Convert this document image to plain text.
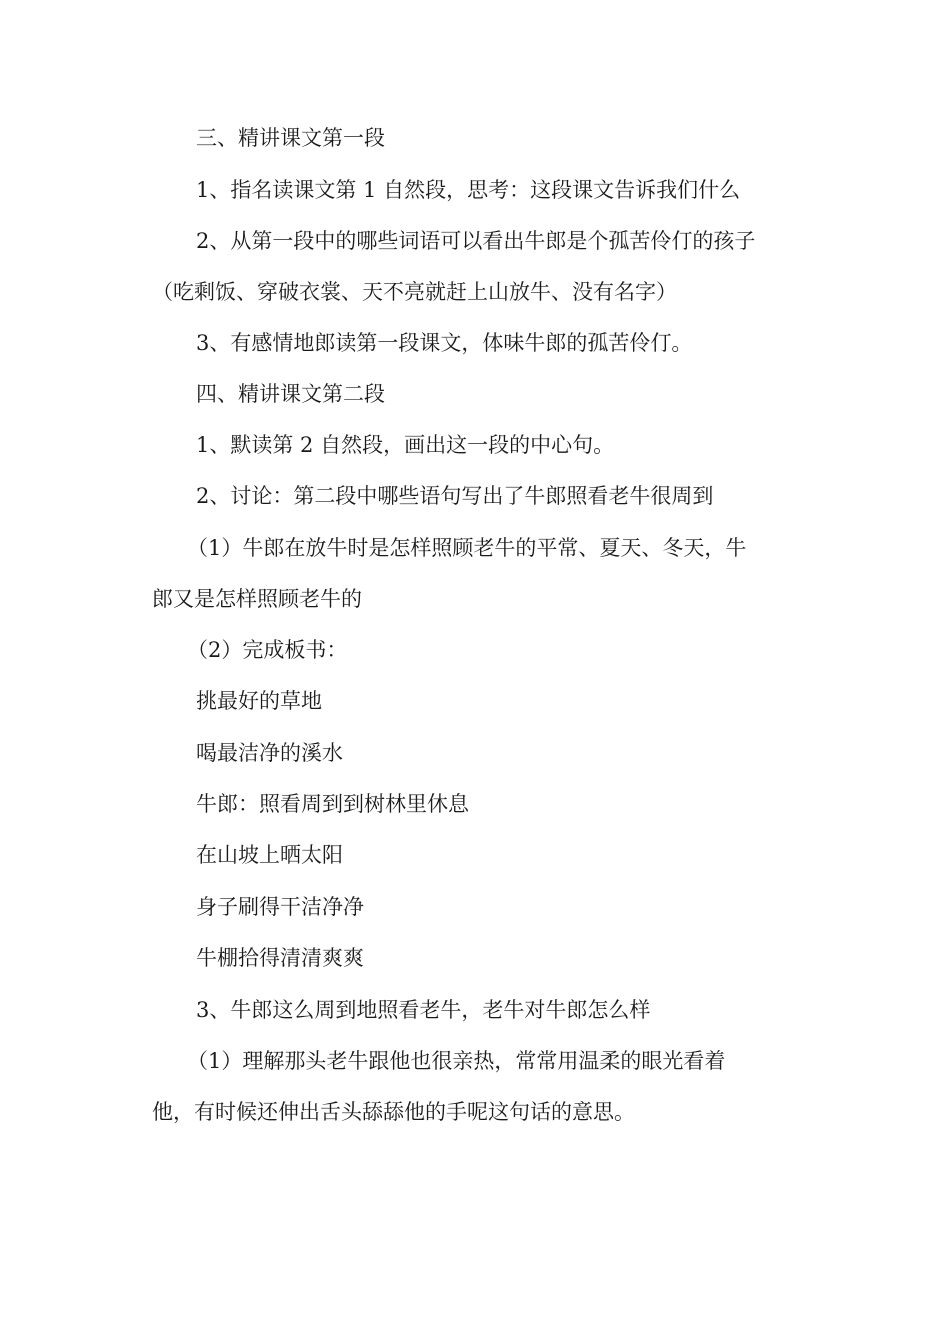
三、精讲课文第一段
1、指名读课文第 1 自然段，思考：这段课文告诉我们什么
2、从第一段中的哪些词语可以看出牛郎是个孤苦伶仃的孩子
（吃剩饭、穿破衣裳、天不亮就赶上山放牛、没有名字）
3、有感情地郎读第一段课文，体味牛郎的孤苦伶仃。
四、精讲课文第二段
1、默读第 2 自然段，画出这一段的中心句。
2、讨论：第二段中哪些语句写出了牛郎照看老牛很周到
（1）牛郎在放牛时是怎样照顾老牛的平常、夏天、冬天，牛
郎又是怎样照顾老牛的
（2）完成板书：
挑最好的草地
喝最洁净的溪水
牛郎：照看周到到树林里休息
在山坡上晒太阳
身子刷得干洁净净
牛棚拾得清清爽爽
3、牛郎这么周到地照看老牛，老牛对牛郎怎么样
（1）理解那头老牛跟他也很亲热，常常用温柔的眼光看着
他，有时候还伸出舌头舔舔他的手呢这句话的意思。
